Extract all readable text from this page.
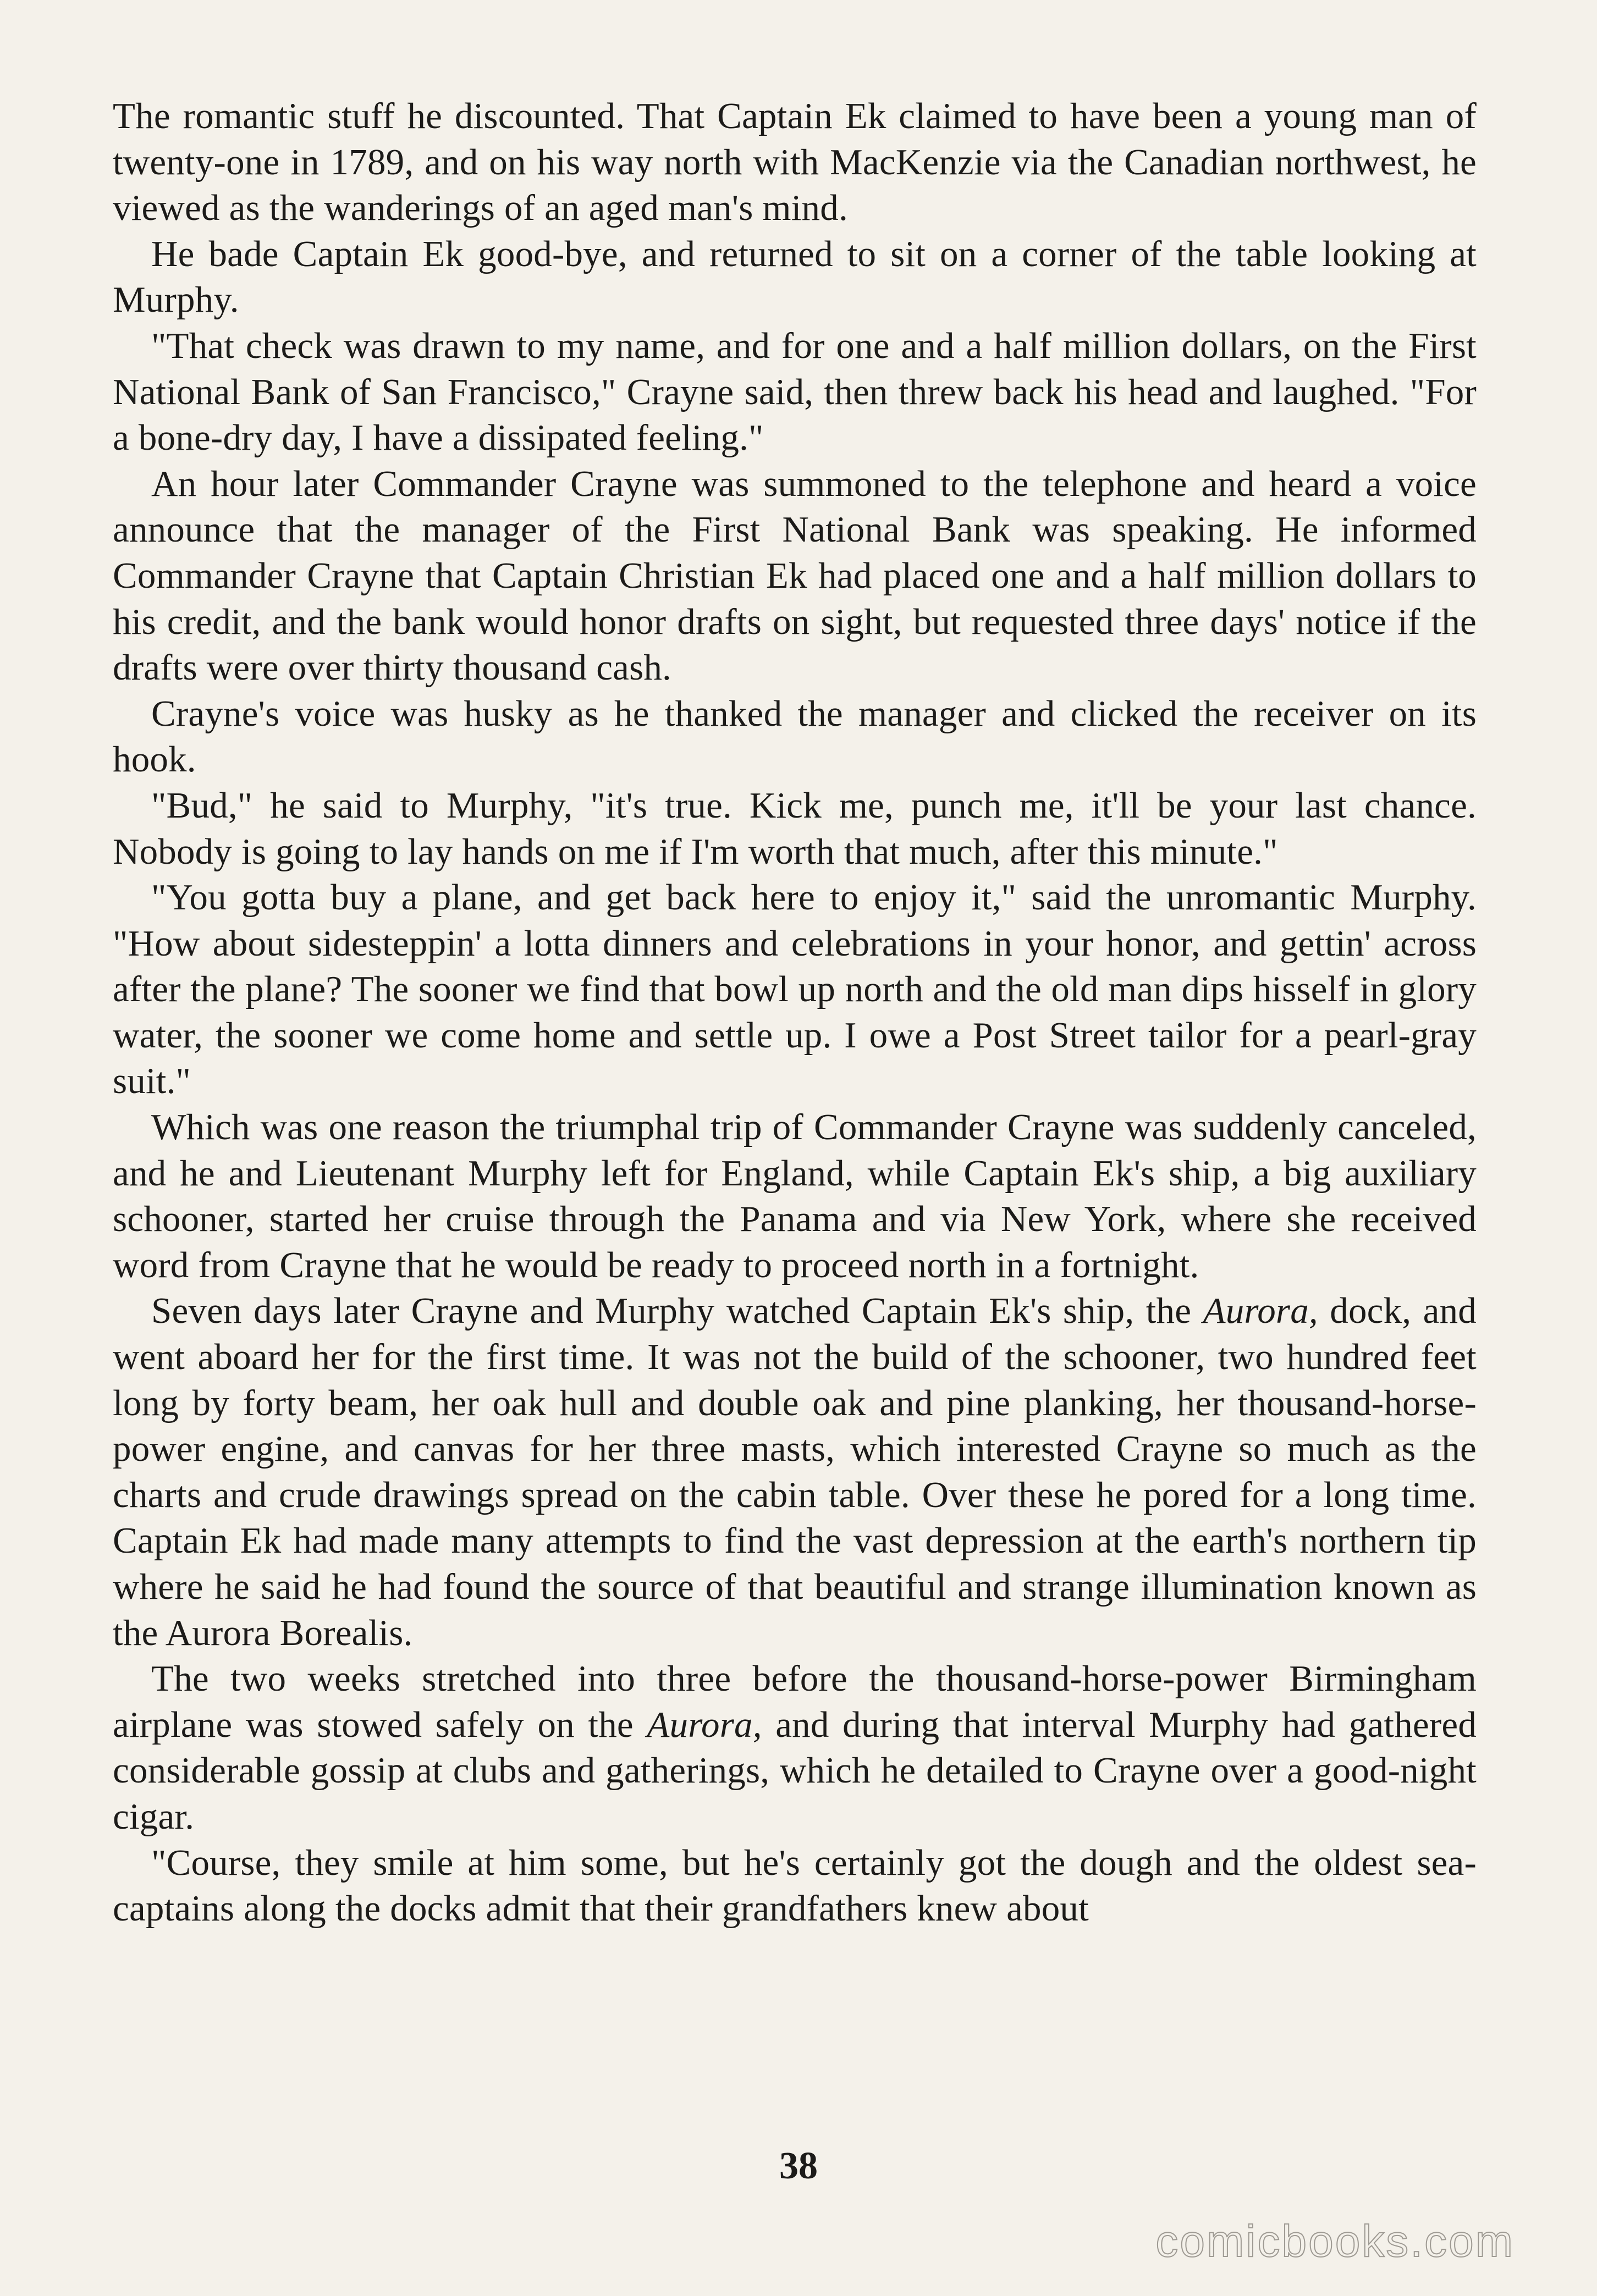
The romantic stuff he discounted. That Captain Ek claimed to have been a young man of twenty-one in 1789, and on his way north with MacKenzie via the Canadian northwest, he viewed as the wanderings of an aged man's mind.

He bade Captain Ek good-bye, and returned to sit on a corner of the table looking at Murphy.

"That check was drawn to my name, and for one and a half million dollars, on the First National Bank of San Francisco," Crayne said, then threw back his head and laughed. "For a bone-dry day, I have a dissipated feeling."

An hour later Commander Crayne was summoned to the telephone and heard a voice announce that the manager of the First National Bank was speaking. He informed Commander Crayne that Captain Christian Ek had placed one and a half million dollars to his credit, and the bank would honor drafts on sight, but requested three days' notice if the drafts were over thirty thousand cash.

Crayne's voice was husky as he thanked the manager and clicked the receiver on its hook.

"Bud," he said to Murphy, "it's true. Kick me, punch me, it'll be your last chance. Nobody is going to lay hands on me if I'm worth that much, after this minute."

"You gotta buy a plane, and get back here to enjoy it," said the unromantic Murphy. "How about sidesteppin' a lotta dinners and celebrations in your honor, and gettin' across after the plane? The sooner we find that bowl up north and the old man dips hisself in glory water, the sooner we come home and settle up. I owe a Post Street tailor for a pearl-gray suit."

Which was one reason the triumphal trip of Commander Crayne was suddenly canceled, and he and Lieutenant Murphy left for England, while Captain Ek's ship, a big auxiliary schooner, started her cruise through the Panama and via New York, where she received word from Crayne that he would be ready to proceed north in a fortnight.

Seven days later Crayne and Murphy watched Captain Ek's ship, the Aurora, dock, and went aboard her for the first time. It was not the build of the schooner, two hundred feet long by forty beam, her oak hull and double oak and pine planking, her thousand-horse-power engine, and canvas for her three masts, which interested Crayne so much as the charts and crude drawings spread on the cabin table. Over these he pored for a long time. Captain Ek had made many attempts to find the vast depression at the earth's northern tip where he said he had found the source of that beautiful and strange illumination known as the Aurora Borealis.

The two weeks stretched into three before the thousand-horse-power Birmingham airplane was stowed safely on the Aurora, and during that interval Murphy had gathered considerable gossip at clubs and gatherings, which he detailed to Crayne over a good-night cigar.

"Course, they smile at him some, but he's certainly got the dough and the oldest sea-captains along the docks admit that their grandfathers knew about

38
comicbooks.com
